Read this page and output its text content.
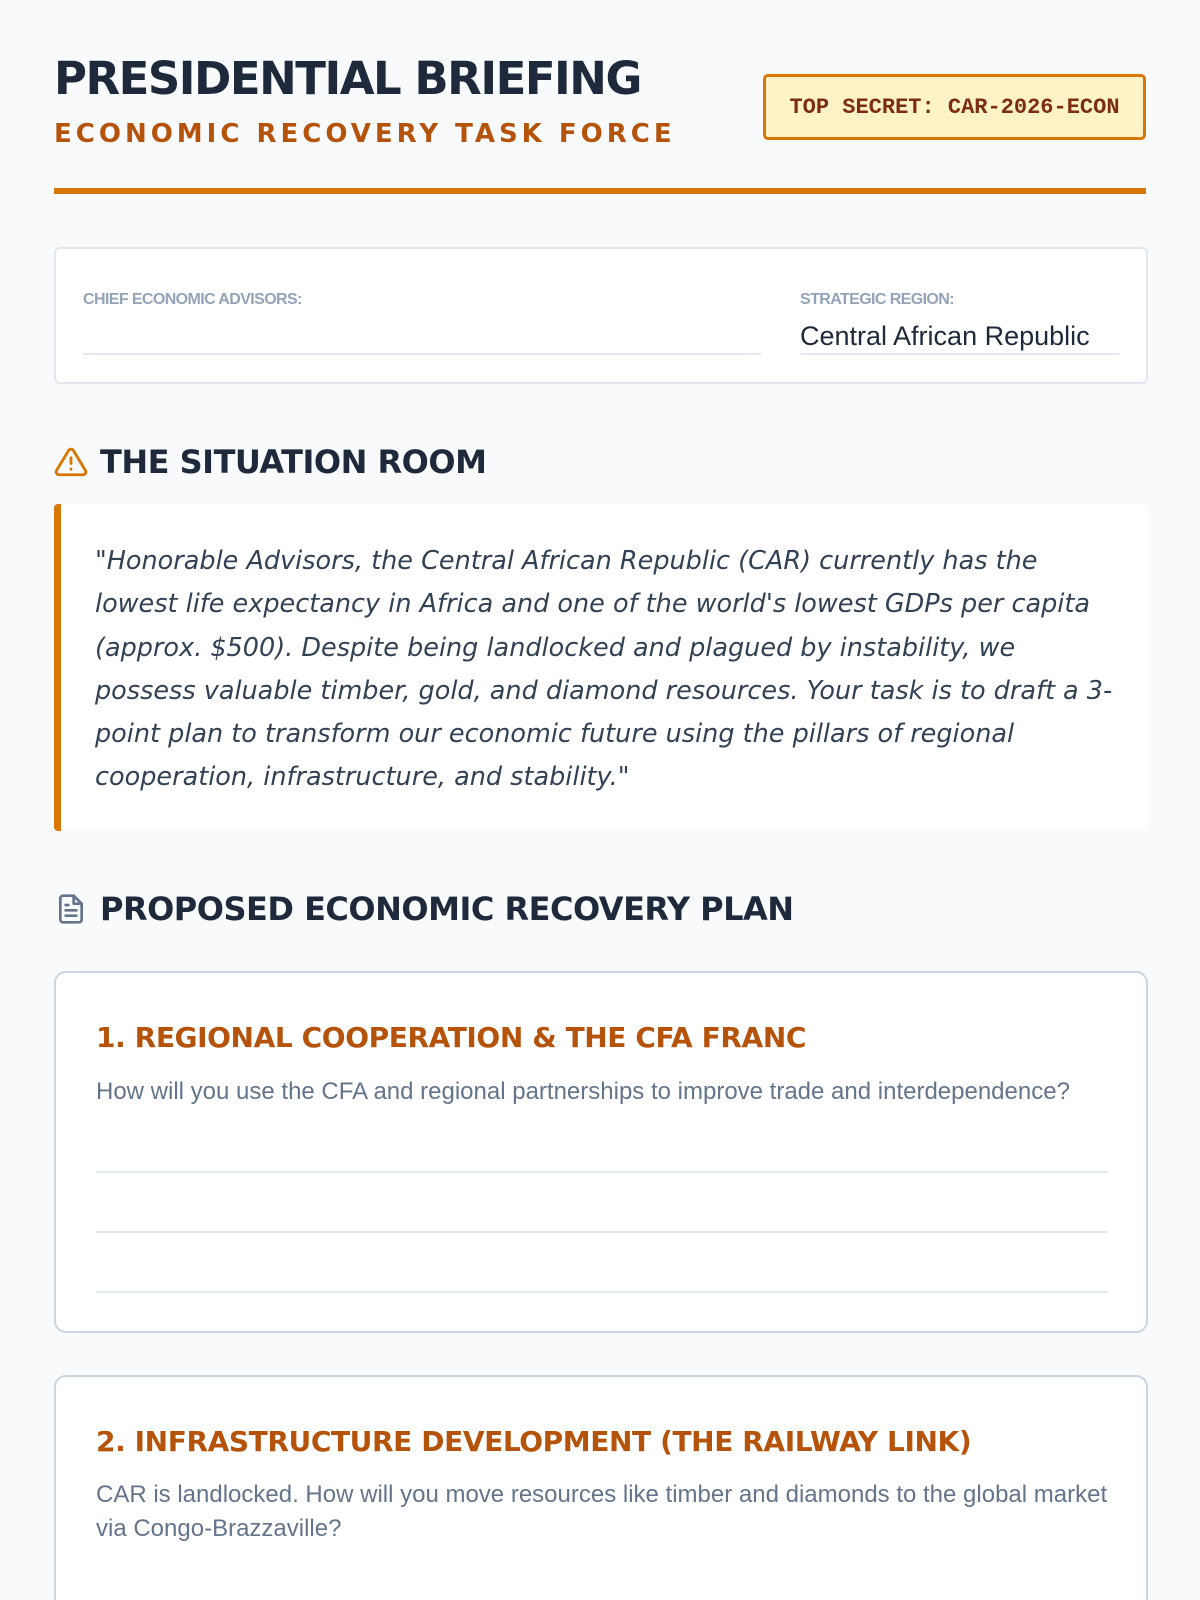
PRESIDENTIAL BRIEFING
ECONOMIC RECOVERY TASK FORCE
TOP SECRET: CAR-2026-ECON
CHIEF ECONOMIC ADVISORS:	STRATEGIC REGION:
Central African Republic
THE SITUATION ROOM

"Honorable Advisors, the Central African Republic (CAR) currently has the lowest life expectancy in Africa and one of the world's lowest GDPs per capita (approx. $500). Despite being landlocked and plagued by instability, we possess valuable timber, gold, and diamond resources. Your task is to draft a 3-point plan to transform our economic future using the pillars of regional cooperation, infrastructure, and stability."

PROPOSED ECONOMIC RECOVERY PLAN
1. REGIONAL COOPERATION & THE CFA FRANC

How will you use the CFA and regional partnerships to improve trade and interdependence?

2. INFRASTRUCTURE DEVELOPMENT (THE RAILWAY LINK)

CAR is landlocked. How will you move resources like timber and diamonds to the global market via Congo-Brazzaville?
